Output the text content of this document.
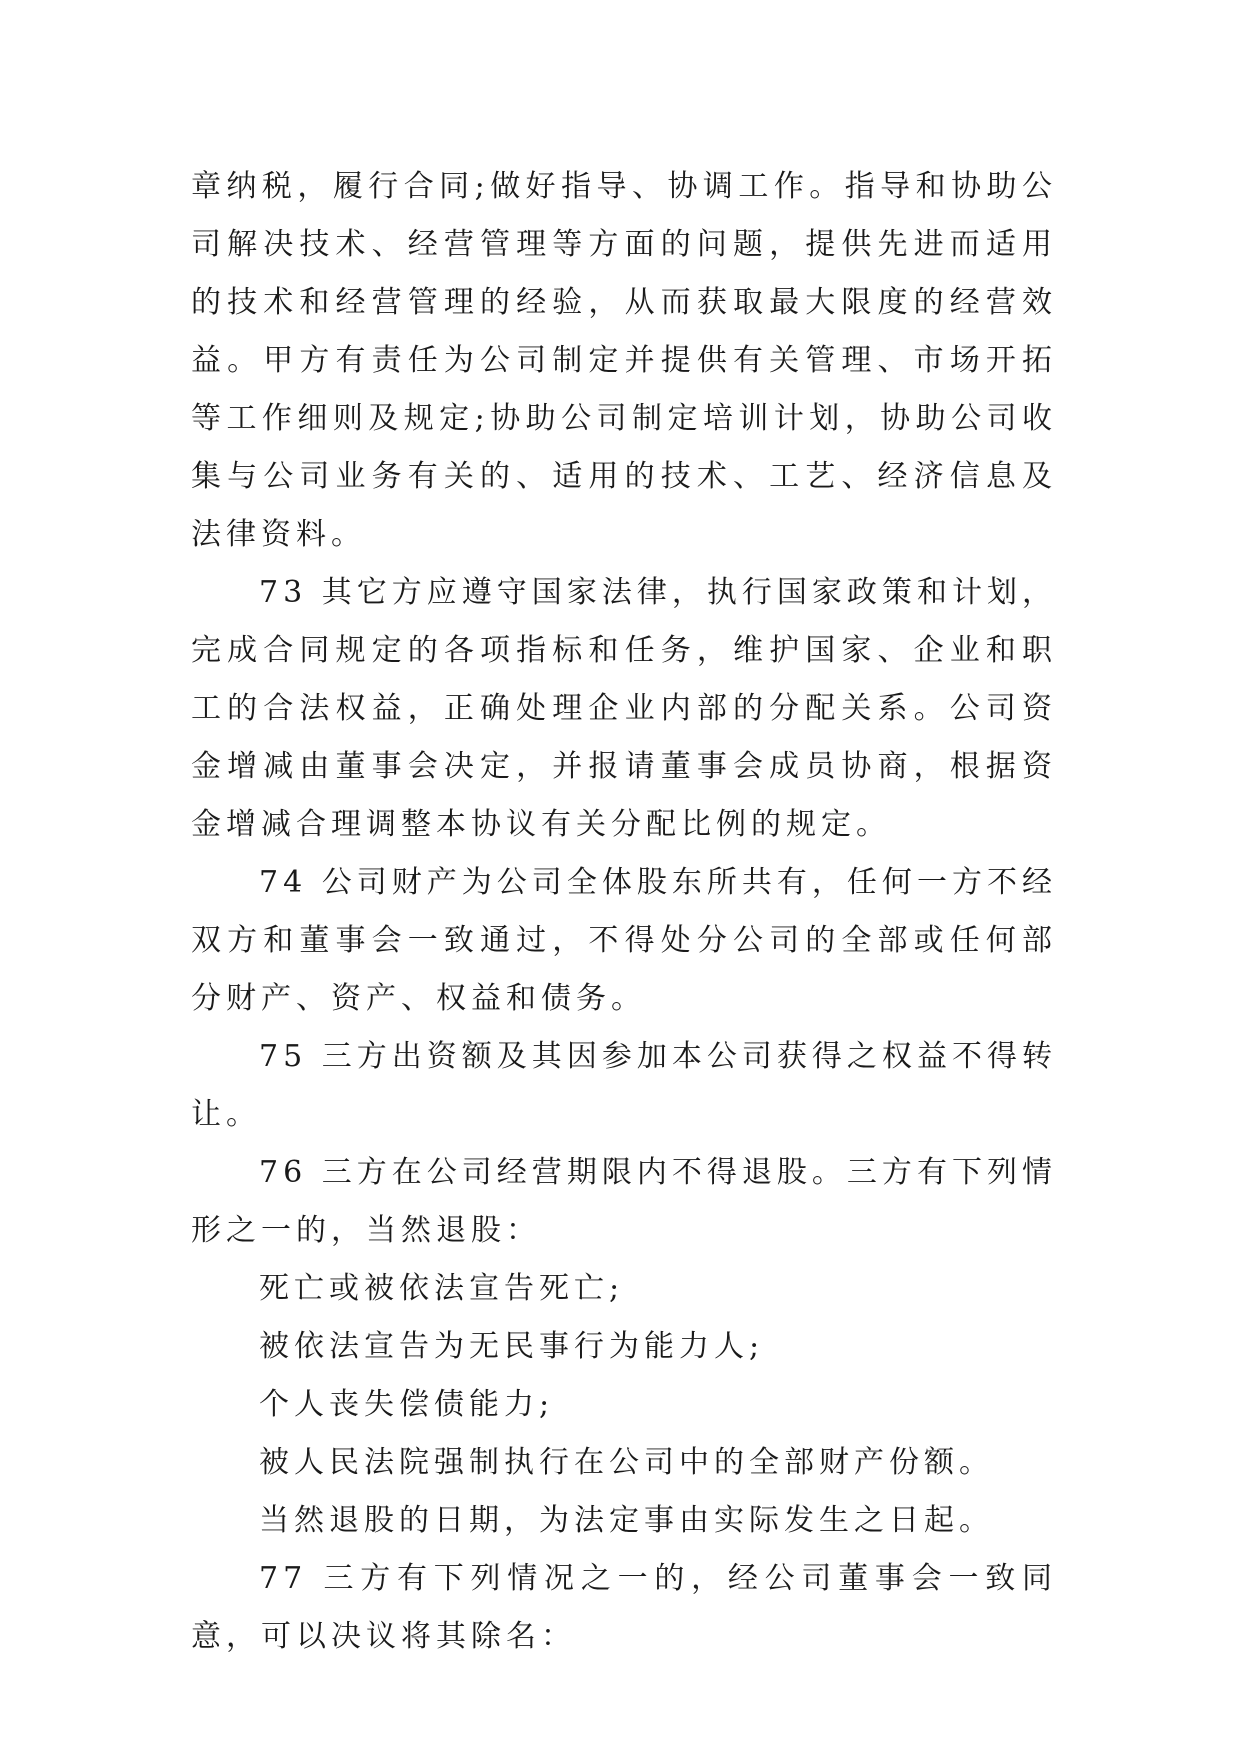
章纳税，履行合同;做好指导、协调工作。指导和协助公司解决技术、经营管理等方面的问题，提供先进而适用的技术和经营管理的经验，从而获取最大限度的经营效益。甲方有责任为公司制定并提供有关管理、市场开拓等工作细则及规定;协助公司制定培训计划，协助公司收集与公司业务有关的、适用的技术、工艺、经济信息及法律资料。

73 其它方应遵守国家法律，执行国家政策和计划，完成合同规定的各项指标和任务，维护国家、企业和职工的合法权益，正确处理企业内部的分配关系。公司资金增减由董事会决定，并报请董事会成员协商，根据资金增减合理调整本协议有关分配比例的规定。

74 公司财产为公司全体股东所共有，任何一方不经双方和董事会一致通过，不得处分公司的全部或任何部分财产、资产、权益和债务。

75 三方出资额及其因参加本公司获得之权益不得转让。

76 三方在公司经营期限内不得退股。三方有下列情形之一的，当然退股：

死亡或被依法宣告死亡;

被依法宣告为无民事行为能力人;

个人丧失偿债能力;

被人民法院强制执行在公司中的全部财产份额。

当然退股的日期，为法定事由实际发生之日起。

77 三方有下列情况之一的，经公司董事会一致同意，可以决议将其除名：
